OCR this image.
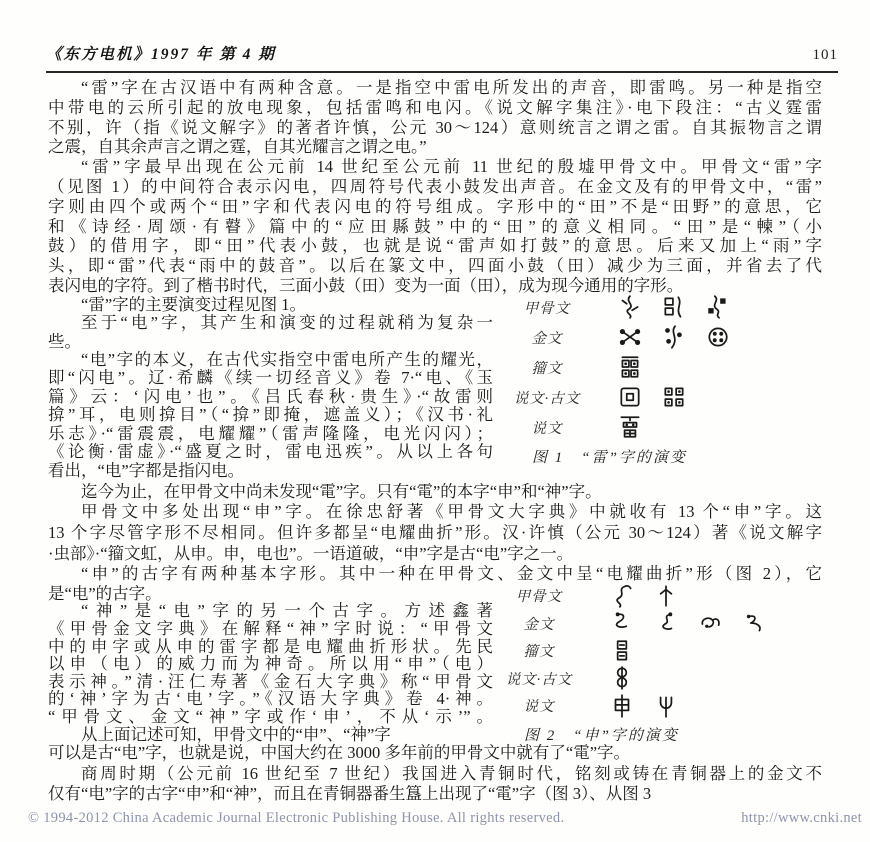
《东方电机》1997 年 第 4 期	101
“雷”字在古汉语中有两种含意。一是指空中雷电所发出的声音，即雷鸣。另一种是指空
中带电的云所引起的放电现象，包括雷鸣和电闪。《说文解字集注》·电下段注：“古义霆雷
不别，许（指《说文解字》的著者许慎，公元 30～124）意则统言之谓之雷。自其振物言之谓
之震，自其余声言之谓之霆，自其光耀言之谓之电。”
“雷”字最早出现在公元前 14 世纪至公元前 11 世纪的殷墟甲骨文中。甲骨文“雷”字
（见图 1）的中间符合表示闪电，四周符号代表小鼓发出声音。在金文及有的甲骨文中，“雷”
字则由四个或两个“田”字和代表闪电的符号组成。字形中的“田”不是“田野”的意思，它
和《诗经·周颂·有瞽》篇中的“应田縣鼓”中的“田”的意义相同。“田”是“朄”（小
鼓）的借用字，即“田”代表小鼓，也就是说“雷声如打鼓”的意思。后来又加上“雨”字
头，即“雷”代表“雨中的鼓音”。以后在篆文中，四面小鼓（田）减少为三面，并省去了代
表闪电的字符。到了楷书时代，三面小鼓（田）变为一面（田），成为现今通用的字形。
“雷”字的主要演变过程见图 1。
至于“电”字，其产生和演变的过程就稍为复杂一
些。
“电”字的本义，在古代实指空中雷电所产生的耀光，
即“闪电”。辽·希麟《续一切经音义》卷 7·“电、《玉
篇》云：‘闪电’也”。《吕氏春秋·贵生》·“故雷则
揜”耳，电则揜目”（“揜”即掩，遮盖义）；《汉书·礼
乐志》·“雷震震，电耀耀”（雷声隆隆，电光闪闪）；
《论衡·雷虚》·“盛夏之时，雷电迅疾”。从以上各句
看出，“电”字都是指闪电。
迄今为止，在甲骨文中尚未发现“電”字。只有“電”的本字“申”和“神”字。
甲骨文中多处出现“申”字。在徐忠舒著《甲骨文大字典》中就收有 13 个“申”字。这
13 个字尽管字形不尽相同。但许多都呈“电耀曲折”形。汉·许慎（公元 30～124）著《说文解字
·虫部》·“籀文虹，从申。申，电也”。一语道破，“申”字是古“电”字之一。
“申”的古字有两种基本字形。其中一种在甲骨文、金文中呈“电耀曲折”形（图 2），它
是“电”的古字。
“神”是“电”字的另一个古字。方述鑫著
《甲骨金文字典》在解释“神”字时说：“甲骨文
中的申字或从申的雷字都是电耀曲折形状。先民
以申（电）的威力而为神奇。所以用“申”（电）
表示神。”清·汪仁寿著《金石大字典》称“甲骨文
的‘神’字为古‘电’字。”《汉语大字典》卷 4·神。
“甲骨文、金文“神”字或作‘申’，不从‘示’”。
从上面记述可知，甲骨文中的“申”、“神”字
可以是古“电”字，也就是说，中国大约在 3000 多年前的甲骨文中就有了“電”字。
商周时期（公元前 16 世纪至 7 世纪）我国进入青铜时代，铭刻或铸在青铜器上的金文不
仅有“电”字的古字“申”和“神”，而且在青铜器番生簋上出现了“電”字（图 3）、从图 3
甲骨文
金文
籀文
说文·古文
说文
图 1　“雷”字的演变
甲骨文
金文
籀文
说文·古文
说文
图 2　“申”字的演变
© 1994-2012 China Academic Journal Electronic Publishing House. All rights reserved.	http://www.cnki.net
